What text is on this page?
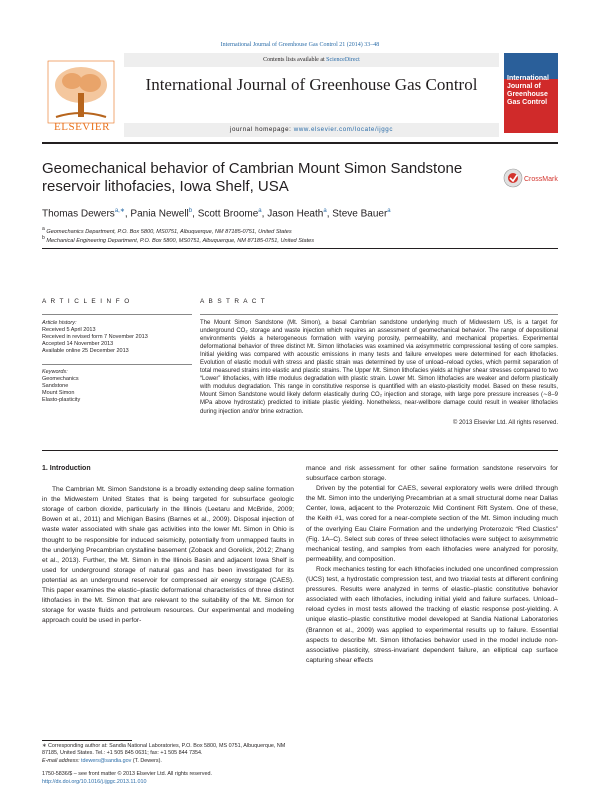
International Journal of Greenhouse Gas Control 21 (2014) 33–48
ELSEVIER
Contents lists available at ScienceDirect
International Journal of Greenhouse Gas Control
journal homepage: www.elsevier.com/locate/ijggc
International Journal of Greenhouse Gas Control
Geomechanical behavior of Cambrian Mount Simon Sandstone reservoir lithofacies, Iowa Shelf, USA	CrossMark
Thomas Dewers$^{a,∗}$, Pania Newell$^b$, Scott Broome$^a$, Jason Heath$^a$, Steve Bauer$^a$
$^a$ Geomechanics Department, P.O. Box 5800, MS0751, Albuquerque, NM 87185-0751, United States
$^b$ Mechanical Engineering Department, P.O. Box 5800, MS0751, Albuquerque, NM 87185-0751, United States
A R T I C L E I N F O
Article history:
Received 5 April 2013
Received in revised form 7 November 2013
Accepted 14 November 2013
Available online 25 December 2013
Keywords:
Geomechanics
Sandstone
Mount Simon
Elasto-plasticity
A B S T R A C T
The Mount Simon Sandstone (Mt. Simon), a basal Cambrian sandstone underlying much of Midwestern US, is a target for underground CO₂ storage and waste injection which requires an assessment of geomechanical behavior. The range of depositional environments yields a heterogeneous formation with varying porosity, permeability, and mechanical properties. Experimental deformational behavior of three distinct Mt. Simon lithofacies was examined via axisymmetric compressional testing of core samples. Initial yielding was compared with acoustic emissions in many tests and failure envelopes were determined for each lithofacies. Evolution of elastic moduli with stress and plastic strain was determined by use of unload–reload cycles, which permit separation of total measured strains into elastic and plastic strains. The Upper Mt. Simon lithofacies yields at higher shear stresses compared to two “Lower” lithofacies, with little modulus degradation with plastic strain. Lower Mt. Simon lithofacies are weaker and deform plastically with modulus degradation. This range in constitutive response is quantified with an elasto-plasticity model. Based on these results, Mount Simon Sandstone would likely deform elastically during CO₂ injection and storage, with large pore pressure increases (∼8–9 MPa above hydrostatic) predicted to initiate plastic yielding. Nonetheless, near-wellbore damage could result in weaker lithofacies during injection and/or brine extraction.
© 2013 Elsevier Ltd. All rights reserved.
1. Introduction

The Cambrian Mt. Simon Sandstone is a broadly extending deep saline formation in the Midwestern United States that is being targeted for subsurface geologic storage of carbon dioxide, particularly in the Illinois (Leetaru and McBride, 2009; Bowen et al., 2011) and Michigan Basins (Barnes et al., 2009). Disposal injection of waste water associated with shale gas activities into the lower Mt. Simon in Ohio is thought to be responsible for induced seismicity, potentially from unmapped faults in the underlying Precambrian crystalline basement (Zoback and Gorelick, 2012; Zhang et al., 2013). Further, the Mt. Simon in the Illinois Basin and adjacent Iowa Shelf is used for underground storage of natural gas and has been investigated for its potential as an underground reservoir for compressed air energy storage (CAES). This paper examines the elastic–plastic deformational characteristics of three distinct lithofacies in the Mt. Simon that are relevant to the suitability of the Mt. Simon for storage for waste fluids and petroleum resources. Our experimental and modeling approach could be used in perfor-

mance and risk assessment for other saline formation sandstone reservoirs for subsurface carbon storage.

Driven by the potential for CAES, several exploratory wells were drilled through the Mt. Simon into the underlying Precambrian at a small structural dome near Dallas Center, Iowa, adjacent to the Proterozoic Mid Continent Rift System. One of these, the Keith #1, was cored for a near-complete section of the Mt. Simon including much of the overlying Eau Claire Formation and the underlying Proterozoic “Red Clastics” (Fig. 1A–C). Select sub cores of three select lithofacies were subject to axisymmetric mechanical testing, and samples from each lithofacies were analyzed for porosity, permeability, and composition.

Rock mechanics testing for each lithofacies included one unconfined compression (UCS) test, a hydrostatic compression test, and two triaxial tests at different confining pressures. Results were analyzed in terms of elastic–plastic constitutive behavior associated with each lithofacies, including initial yield and failure surfaces. Unload–reload cycles in most tests allowed the tracking of elastic response post-yielding. A unique elastic–plastic constitutive model developed at Sandia National Laboratories (Brannon et al., 2009) was applied to experimental results up to failure. Essential aspects to describe Mt. Simon lithofacies behavior used in the model include non-associative plasticity, stress-invariant dependent failure, an elliptical cap surface capturing shear effects

∗ Corresponding author at: Sandia National Laboratories, P.O. Box 5800, MS 0751, Albuquerque, NM 87185, United States. Tel.: +1 505 845 0631; fax: +1 505 844 7354.
E-mail address: tdewers@sandia.gov (T. Dewers).
1750-5836/$ – see front matter © 2013 Elsevier Ltd. All rights reserved.
http://dx.doi.org/10.1016/j.ijggc.2013.11.010
